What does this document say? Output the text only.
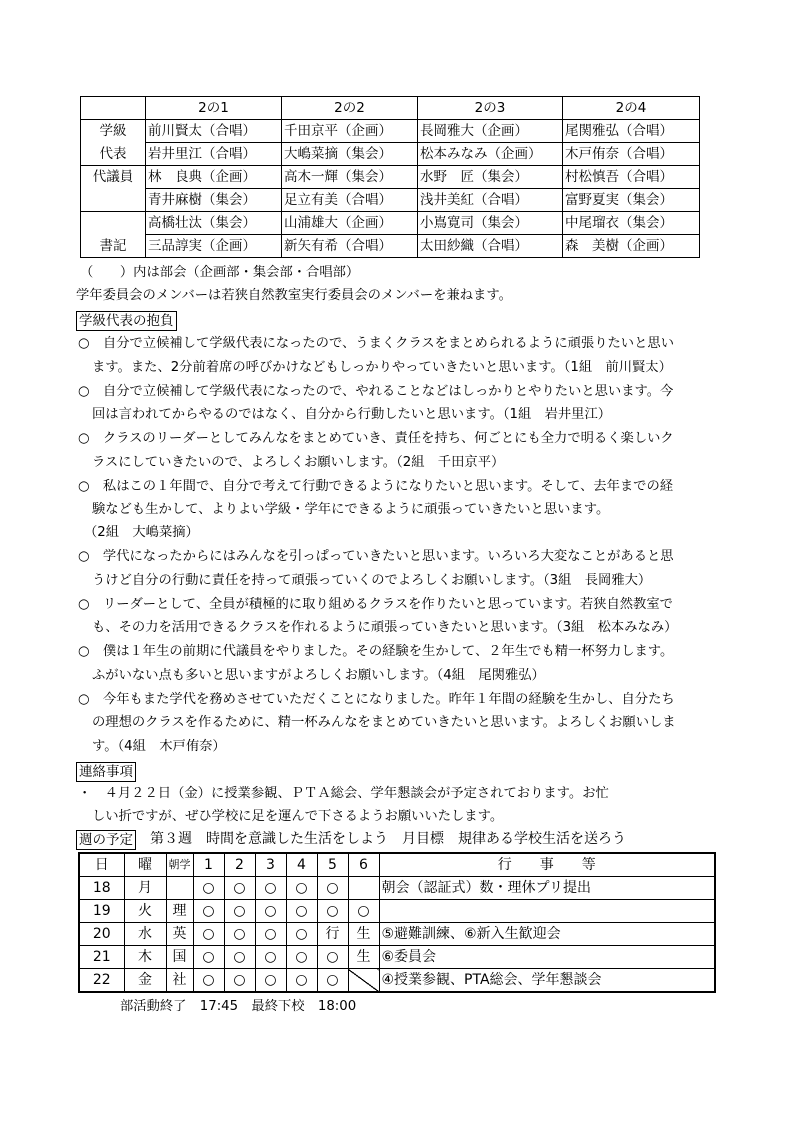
	2の1	2の2	2の3	2の4
学級	前川賢太（合唱）	千田京平（企画）	長岡雅大（企画）	尾関雅弘（合唱）
代表	岩井里江（合唱）	大嶋菜摘（集会）	松本みなみ（企画）	木戸侑奈（合唱）
代議員	林　良典（企画）	高木一輝（集会）	水野　匠（集会）	村松慎吾（合唱）
	青井麻樹（集会）	足立有美（合唱）	浅井美紅（合唱）	富野夏実（集会）
	高橋壮汰（集会）	山浦雄大（企画）	小嶌寛司（集会）	中尾瑠衣（集会）
書記	三品諄実（企画）	新矢有希（合唱）	太田紗織（合唱）	森　美樹（企画）
（　　）内は部会（企画部・集会部・合唱部）
学年委員会のメンバーは若狭自然教室実行委員会のメンバーを兼ねます。
学級代表の抱負
○　自分で立候補して学級代表になったので、うまくクラスをまとめられるように頑張りたいと思い
ます。また、2分前着席の呼びかけなどもしっかりやっていきたいと思います。（1組　前川賢太）
○　自分で立候補して学級代表になったので、やれることなどはしっかりとやりたいと思います。今
回は言われてからやるのではなく、自分から行動したいと思います。（1組　岩井里江）
○　クラスのリーダーとしてみんなをまとめていき、責任を持ち、何ごとにも全力で明るく楽しいク
ラスにしていきたいので、よろしくお願いします。（2組　千田京平）
○　私はこの１年間で、自分で考えて行動できるようになりたいと思います。そして、去年までの経
験なども生かして、よりよい学級・学年にできるように頑張っていきたいと思います。
（2組　大嶋菜摘）
○　学代になったからにはみんなを引っぱっていきたいと思います。いろいろ大変なことがあると思
うけど自分の行動に責任を持って頑張っていくのでよろしくお願いします。（3組　長岡雅大）
○　リーダーとして、全員が積極的に取り組めるクラスを作りたいと思っています。若狭自然教室で
も、その力を活用できるクラスを作れるように頑張っていきたいと思います。（3組　松本みなみ）
○　僕は１年生の前期に代議員をやりました。その経験を生かして、２年生でも精一杯努力します。
ふがいない点も多いと思いますがよろしくお願いします。（4組　尾関雅弘）
○　今年もまた学代を務めさせていただくことになりました。昨年１年間の経験を生かし、自分たち
の理想のクラスを作るために、精一杯みんなをまとめていきたいと思います。よろしくお願いしま
す。（4組　木戸侑奈）
連絡事項
・　４月２２日（金）に授業参観、ＰＴＡ総会、学年懇談会が予定されております。お忙
しい折ですが、ぜひ学校に足を運んで下さるようお願いいたします。
週の予定 第３週　時間を意識した生活をしよう　月目標　規律ある学校生活を送ろう
日	曜	朝学	1	2	3	4	5	6	行　　事　　等
18	月		○	○	○	○	○		朝会（認証式）数・理休プリ提出
19	火	理	○	○	○	○	○	○	
20	水	英	○	○	○	○	行	生	⑤避難訓練、⑥新入生歓迎会
21	木	国	○	○	○	○	○	生	⑥委員会
22	金	社	○	○	○	○	○		④授業参観、PTA総会、学年懇談会
部活動終了　17:45　最終下校　18:00
